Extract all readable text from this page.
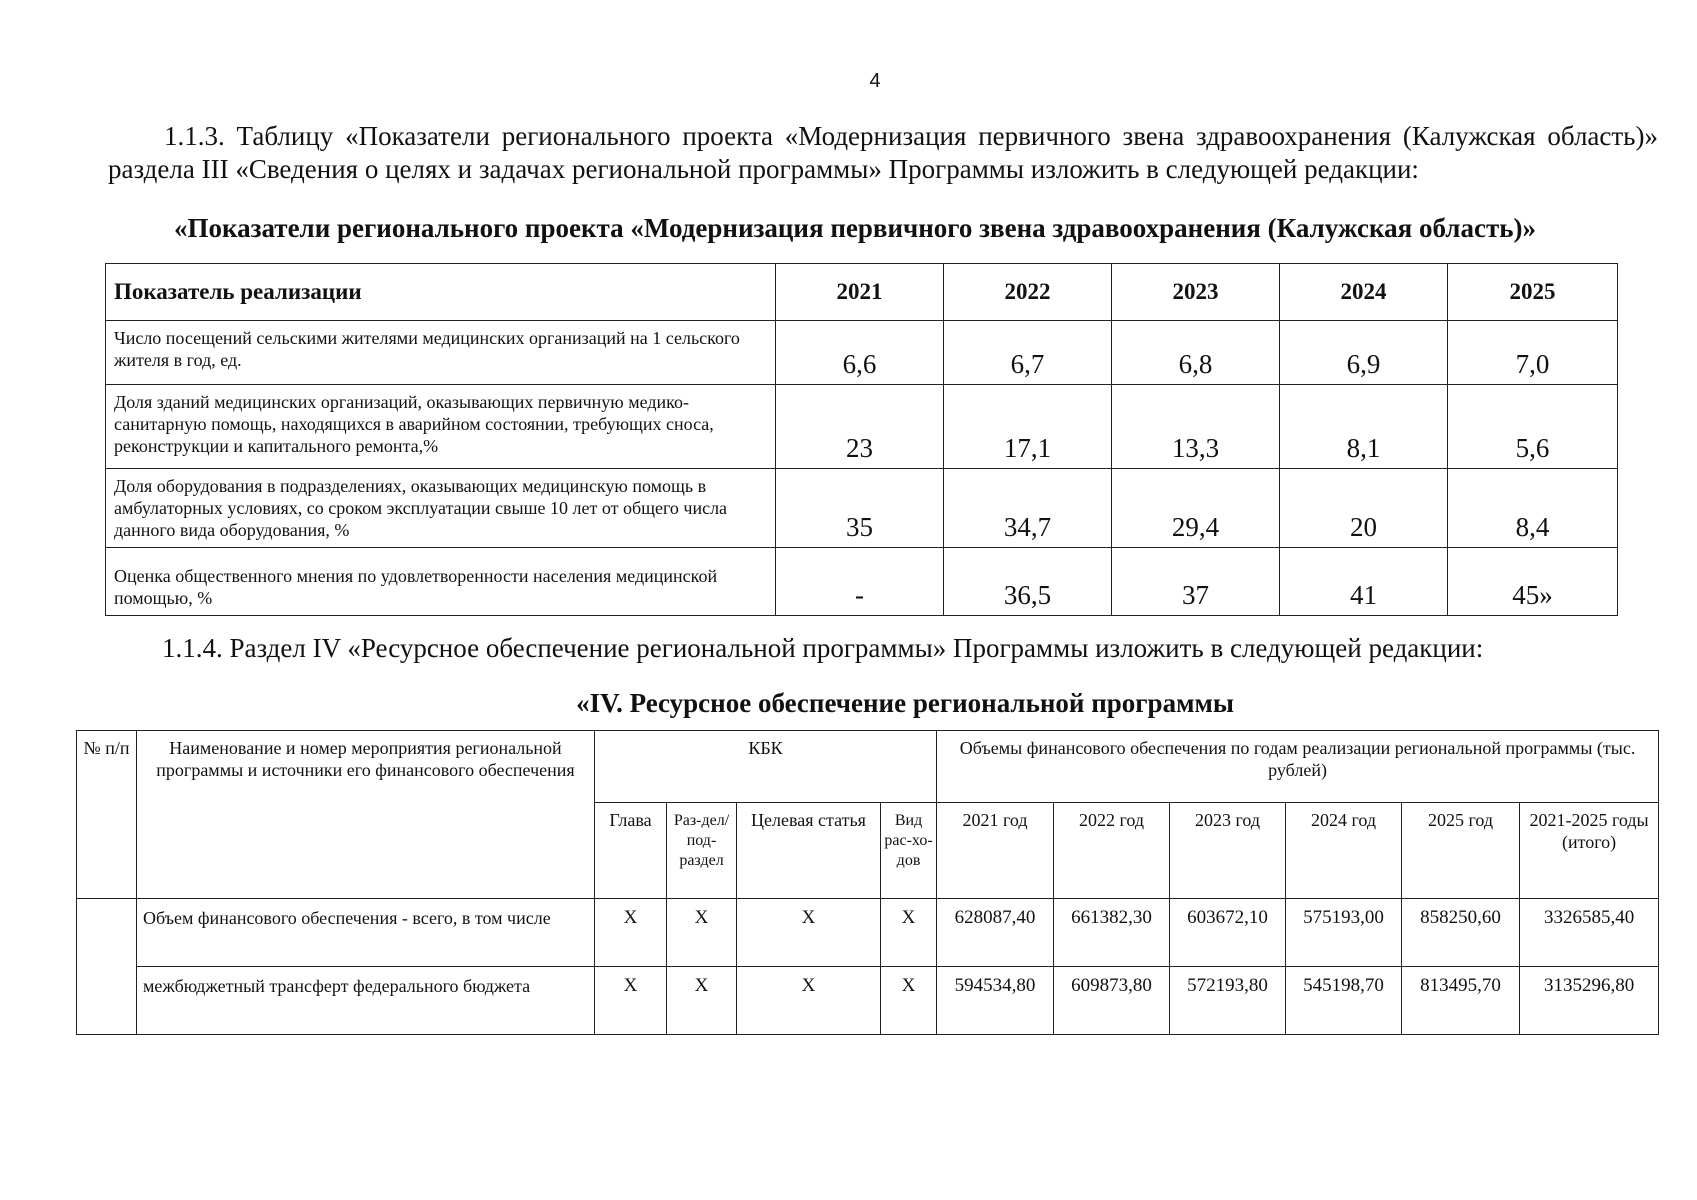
4
1.1.3. Таблицу «Показатели регионального проекта «Модернизация первичного звена здравоохранения (Калужская область)» раздела III «Сведения о целях и задачах региональной программы» Программы изложить в следующей редакции:
«Показатели регионального проекта «Модернизация первичного звена здравоохранения (Калужская область)»
Показатель реализации	2021	2022	2023	2024	2025
Число посещений сельскими жителями медицинских организаций на 1 сельского жителя в год, ед.	6,6	6,7	6,8	6,9	7,0
Доля зданий медицинских организаций, оказывающих первичную медико-санитарную помощь, находящихся в аварийном состоянии, требующих сноса, реконструкции и капитального ремонта,%	23	17,1	13,3	8,1	5,6
Доля оборудования в подразделениях, оказывающих медицинскую помощь в амбулаторных условиях, со сроком эксплуатации свыше 10 лет от общего числа данного вида оборудования, %	35	34,7	29,4	20	8,4
Оценка общественного мнения по удовлетворенности населения медицинской помощью, %	-	36,5	37	41	45»
1.1.4. Раздел IV «Ресурсное обеспечение региональной программы» Программы изложить в следующей редакции:
«IV. Ресурсное обеспечение региональной программы
№ п/п	Наименование и номер мероприятия региональной программы и источники его финансового обеспечения	КБК				Объемы финансового обеспечения по годам реализации региональной программы (тыс. рублей)					
		Глава	Раз-дел/ под-раздел	Целевая статья	Вид рас-хо-дов	2021 год	2022 год	2023 год	2024 год	2025 год	2021-2025 годы (итого)
	Объем финансового обеспечения - всего, в том числе	X	X	X	X	628087,40	661382,30	603672,10	575193,00	858250,60	3326585,40
	межбюджетный трансферт федерального бюджета	X	X	X	X	594534,80	609873,80	572193,80	545198,70	813495,70	3135296,80
